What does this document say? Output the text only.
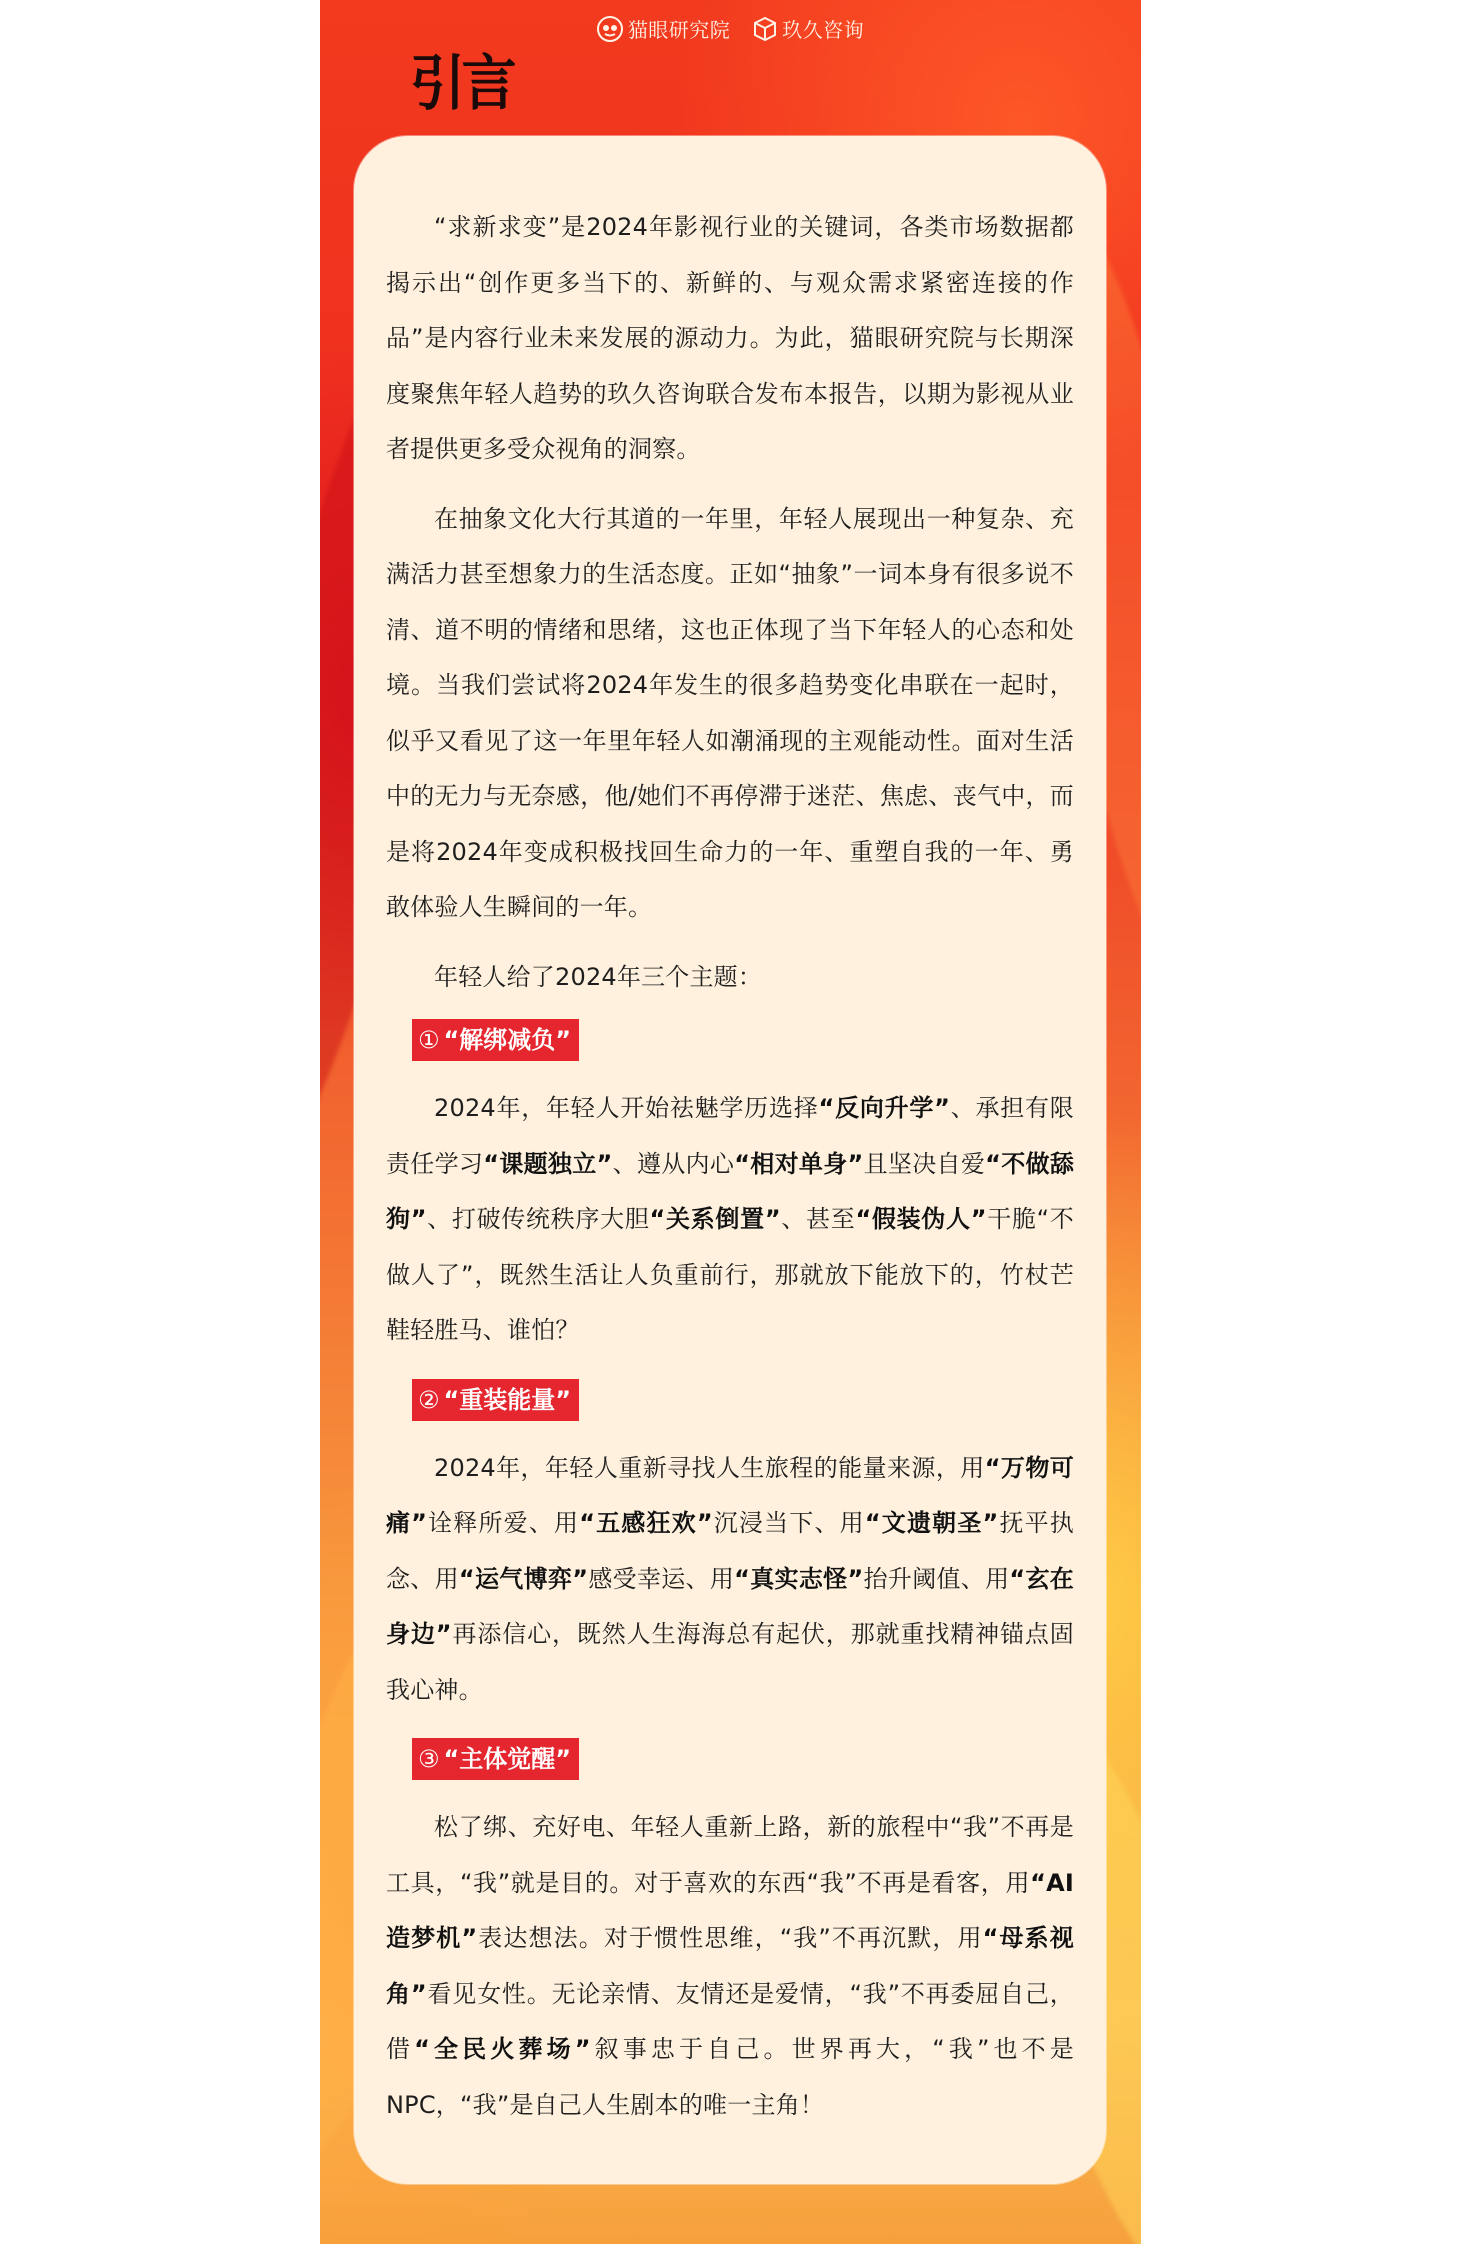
猫眼研究院
	玖久咨询
引言

“求新求变”是2024年影视行业的关键词，各类市场数据都揭示出“创作更多当下的、新鲜的、与观众需求紧密连接的作品”是内容行业未来发展的源动力。为此，猫眼研究院与长期深度聚焦年轻人趋势的玖久咨询联合发布本报告，以期为影视从业者提供更多受众视角的洞察。

在抽象文化大行其道的一年里，年轻人展现出一种复杂、充满活力甚至想象力的生活态度。正如“抽象”一词本身有很多说不清、道不明的情绪和思绪，这也正体现了当下年轻人的心态和处境。当我们尝试将2024年发生的很多趋势变化串联在一起时，似乎又看见了这一年里年轻人如潮涌现的主观能动性。面对生活中的无力与无奈感，他/她们不再停滞于迷茫、焦虑、丧气中，而是将2024年变成积极找回生命力的一年、重塑自我的一年、勇敢体验人生瞬间的一年。

年轻人给了2024年三个主题：

① “解绑减负”

2024年，年轻人开始祛魅学历选择“反向升学”、承担有限责任学习“课题独立”、遵从内心“相对单身”且坚决自爱“不做舔狗”、打破传统秩序大胆“关系倒置”、甚至“假装伪人”干脆“不做人了”，既然生活让人负重前行，那就放下能放下的，竹杖芒鞋轻胜马、谁怕？

② “重装能量”

2024年，年轻人重新寻找人生旅程的能量来源，用“万物可痛”诠释所爱、用“五感狂欢”沉浸当下、用“文遗朝圣”抚平执念、用“运气博弈”感受幸运、用“真实志怪”抬升阈值、用“玄在身边”再添信心，既然人生海海总有起伏，那就重找精神锚点固我心神。

③ “主体觉醒”

松了绑、充好电、年轻人重新上路，新的旅程中“我”不再是工具，“我”就是目的。对于喜欢的东西“我”不再是看客，用“AI造梦机”表达想法。对于惯性思维，“我”不再沉默，用“母系视角”看见女性。无论亲情、友情还是爱情，“我”不再委屈自己，借“全民火葬场”叙事忠于自己。世界再大，“我”也不是NPC，“我”是自己人生剧本的唯一主角！
